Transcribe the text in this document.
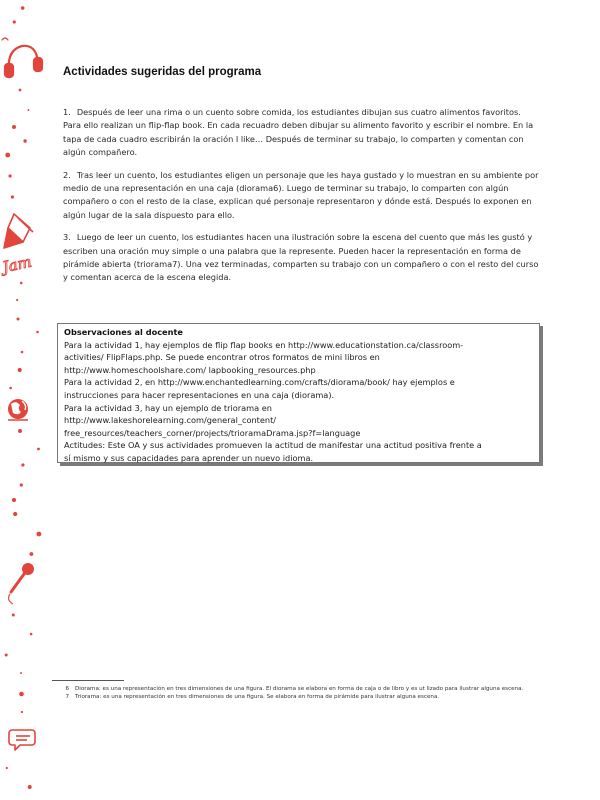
Jam
Actividades sugeridas del programa

1. Después de leer una rima o un cuento sobre comida, los estudiantes dibujan sus cuatro alimentos favoritos. Para ello realizan un flip-flap book. En cada recuadro deben dibujar su alimento favorito y escribir el nombre. En la tapa de cada cuadro escribirán la oración I like… Después de terminar su trabajo, lo comparten y comentan con algún compañero.

2. Tras leer un cuento, los estudiantes eligen un personaje que les haya gustado y lo muestran en su ambiente por medio de una representación en una caja (diorama6). Luego de terminar su trabajo, lo comparten con algún compañero o con el resto de la clase, explican qué personaje representaron y dónde está. Después lo exponen en algún lugar de la sala dispuesto para ello.

3. Luego de leer un cuento, los estudiantes hacen una ilustración sobre la escena del cuento que más les gustó y escriben una oración muy simple o una palabra que la represente. Pueden hacer la representación en forma de pirámide abierta (triorama7). Una vez terminadas, comparten su trabajo con un compañero o con el resto del curso y comentan acerca de la escena elegida.

Observaciones al docente
Para la actividad 1, hay ejemplos de flip flap books en http://www.educationstation.ca/classroom-
activities/ FlipFlaps.php. Se puede encontrar otros formatos de mini libros en
http://www.homeschoolshare.com/ lapbooking_resources.php
Para la actividad 2, en http://www.enchantedlearning.com/crafts/diorama/book/ hay ejemplos e
instrucciones para hacer representaciones en una caja (diorama).
Para la actividad 3, hay un ejemplo de triorama en
http://www.lakeshorelearning.com/general_content/
free_resources/teachers_corner/projects/trioramaDrama.jsp?f=language
Actitudes: Este OA y sus actividades promueven la actitud de manifestar una actitud positiva frente a
sí mismo y sus capacidades para aprender un nuevo idioma.
6 Diorama: es una representación en tres dimensiones de una figura. El diorama se elabora en forma de caja o de libro y es ut lizado para ilustrar alguna escena.
7 Triorama: es una representación en tres dimensiones de una figura. Se elabora en forma de pirámide para ilustrar alguna escena.
